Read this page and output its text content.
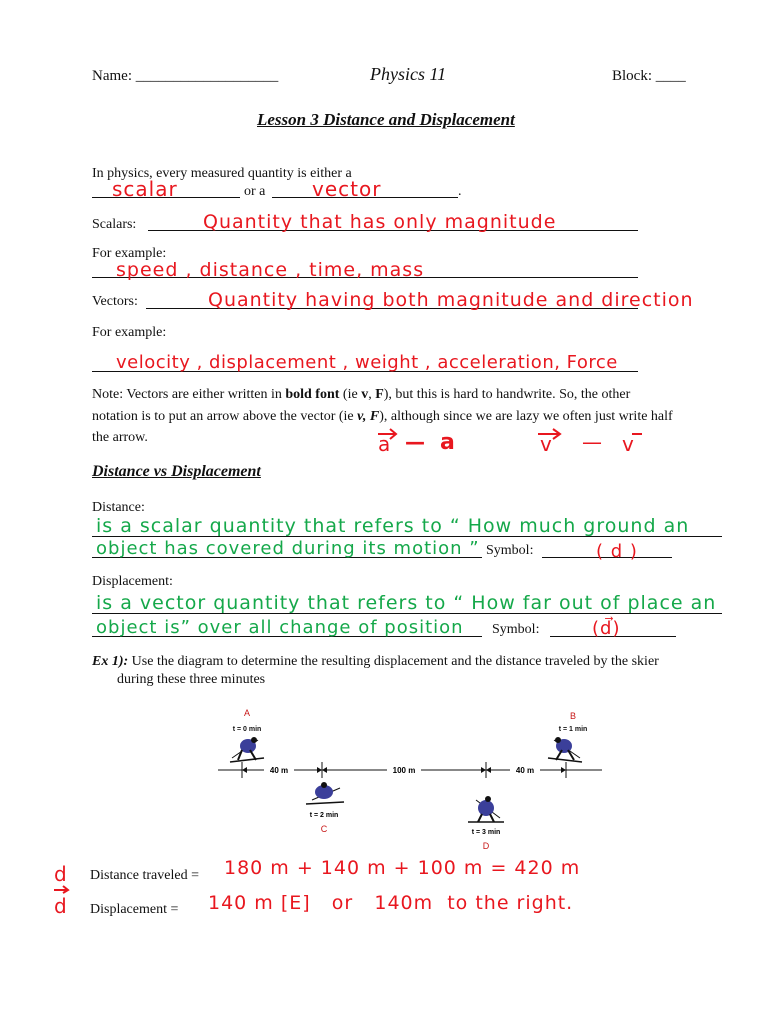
Name: ___________________	Physics 11	Block: ____
Lesson 3 Distance and Displacement
In physics, every measured quantity is either a
scalar	or a vector	.
Scalars:	Quantity that has only magnitude
For example:
speed , distance , time, mass
Vectors:	Quantity having both magnitude and direction
For example:
velocity , displacement , weight , acceleration, Force
Note: Vectors are either written in bold font (ie v, F), but this is hard to handwrite. So, the other
notation is to put an arrow above the vector (ie v, F), although since we are lazy we often just write half
the arrow.	a — a	v — v
Distance vs Displacement
Distance:
is a scalar quantity that refers to “ How much ground an
object has covered during its motion ” Symbol:	( d )
Displacement:
is a vector quantity that refers to “ How far out of place an
object is” over all change of position Symbol:	(d⃗)
Ex 1): Use the diagram to determine the resulting displacement and the distance traveled by the skier
during these three minutes
A
t = 0 min
B
t = 1 min
40 m	100 m	40 m
t = 2 min
C	t = 3 min
D
d Distance traveled = 180 m + 140 m + 100 m = 420 m
d Displacement = 140 m [E]   or   140m  to the right.
